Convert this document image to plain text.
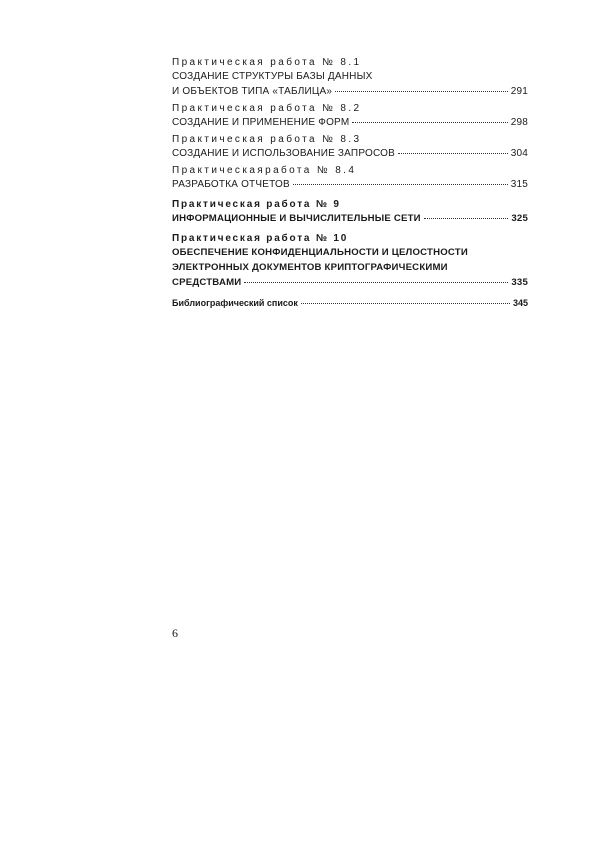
Практическая работа № 8.1
СОЗДАНИЕ СТРУКТУРЫ БАЗЫ ДАННЫХ
И ОБЪЕКТОВ ТИПА «ТАБЛИЦА»	291
Практическая работа № 8.2
СОЗДАНИЕ И ПРИМЕНЕНИЕ ФОРМ	298
Практическая работа № 8.3
СОЗДАНИЕ И ИСПОЛЬЗОВАНИЕ ЗАПРОСОВ	304
Практическаяработа № 8.4
РАЗРАБОТКА ОТЧЕТОВ	315
Практическая работа № 9
ИНФОРМАЦИОННЫЕ И ВЫЧИСЛИТЕЛЬНЫЕ СЕТИ	325
Практическая работа № 10
ОБЕСПЕЧЕНИЕ КОНФИДЕНЦИАЛЬНОСТИ И ЦЕЛОСТНОСТИ
ЭЛЕКТРОННЫХ ДОКУМЕНТОВ КРИПТОГРАФИЧЕСКИМИ
СРЕДСТВАМИ	335
Библиографический список	345
6
